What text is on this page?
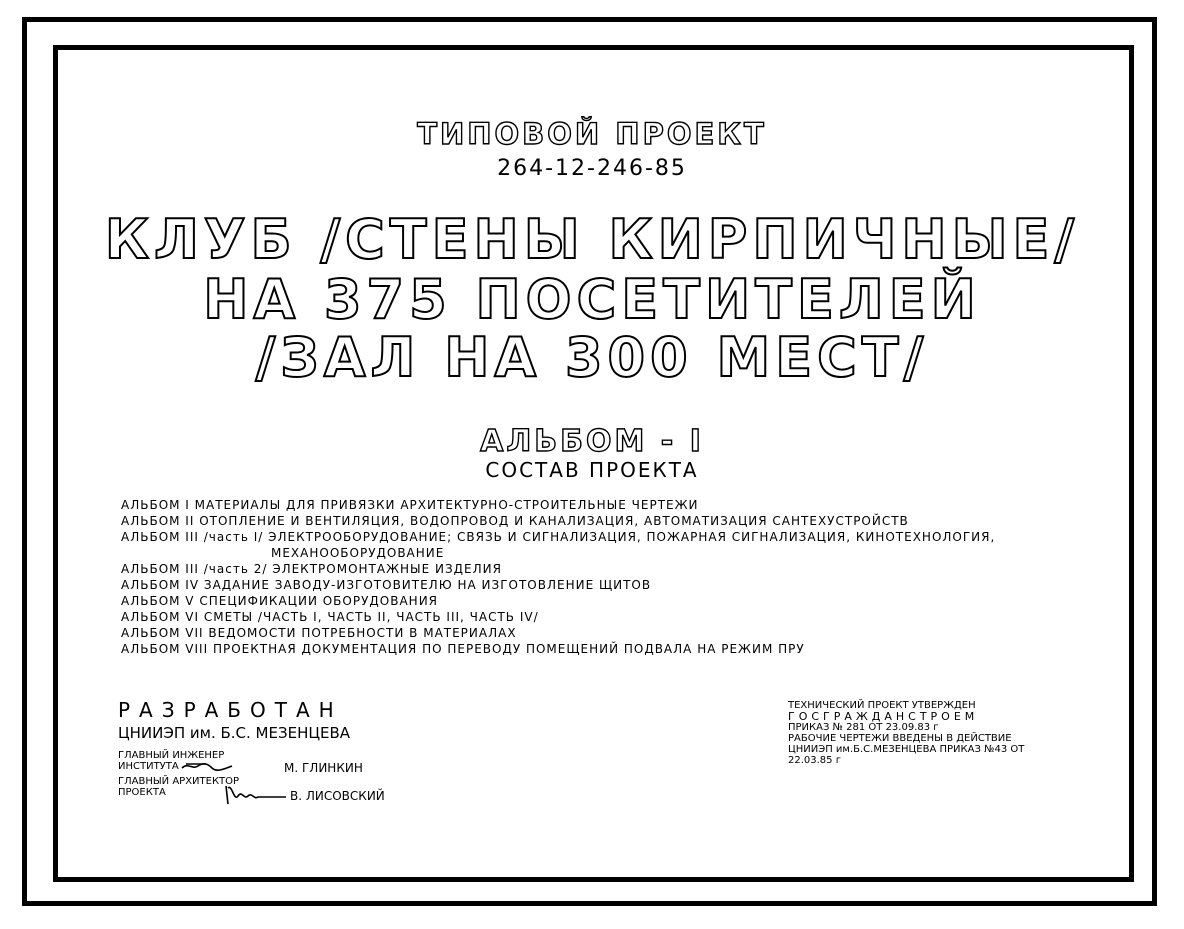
ТИПОВОЙ ПРОЕКТ

264-12-246-85

КЛУБ /СТЕНЫ КИРПИЧНЫЕ/

НА 375 ПОСЕТИТЕЛЕЙ

/ЗАЛ НА 300 МЕСТ/

АЛЬБОМ - I

СОСТАВ ПРОЕКТА

АЛЬБОМ I МАТЕРИАЛЫ ДЛЯ ПРИВЯЗКИ АРХИТЕКТУРНО-СТРОИТЕЛЬНЫЕ ЧЕРТЕЖИ
АЛЬБОМ II ОТОПЛЕНИЕ И ВЕНТИЛЯЦИЯ, ВОДОПРОВОД И КАНАЛИЗАЦИЯ, АВТОМАТИЗАЦИЯ САНТЕХУСТРОЙСТВ
АЛЬБОМ III /часть I/ ЭЛЕКТРООБОРУДОВАНИЕ; СВЯЗЬ И СИГНАЛИЗАЦИЯ, ПОЖАРНАЯ СИГНАЛИЗАЦИЯ, КИНОТЕХНОЛОГИЯ,
МЕХАНООБОРУДОВАНИЕ
АЛЬБОМ III /часть 2/ ЭЛЕКТРОМОНТАЖНЫЕ ИЗДЕЛИЯ
АЛЬБОМ IV ЗАДАНИЕ ЗАВОДУ-ИЗГОТОВИТЕЛЮ НА ИЗГОТОВЛЕНИЕ ЩИТОВ
АЛЬБОМ V СПЕЦИФИКАЦИИ ОБОРУДОВАНИЯ
АЛЬБОМ VI СМЕТЫ /ЧАСТЬ I, ЧАСТЬ II, ЧАСТЬ III, ЧАСТЬ IV/
АЛЬБОМ VII ВЕДОМОСТИ ПОТРЕБНОСТИ В МАТЕРИАЛАХ
АЛЬБОМ VIII ПРОЕКТНАЯ ДОКУМЕНТАЦИЯ ПО ПЕРЕВОДУ ПОМЕЩЕНИЙ ПОДВАЛА НА РЕЖИМ ПРУ
РАЗРАБОТАН
ЦНИИЭП им. Б.С. МЕЗЕНЦЕВА
ГЛАВНЫЙ ИНЖЕНЕР
ИНСТИТУТА	М. ГЛИНКИН
ГЛАВНЫЙ АРХИТЕКТОР
ПРОЕКТА	В. ЛИСОВСКИЙ
ТЕХНИЧЕСКИЙ ПРОЕКТ УТВЕРЖДЕН
ГОСГРАЖДАНСТРОЕМ
ПРИКАЗ № 281 ОТ 23.09.83 г
РАБОЧИЕ ЧЕРТЕЖИ ВВЕДЕНЫ В ДЕЙСТВИЕ
ЦНИИЭП им.Б.С.МЕЗЕНЦЕВА ПРИКАЗ №43 ОТ 22.03.85 г
